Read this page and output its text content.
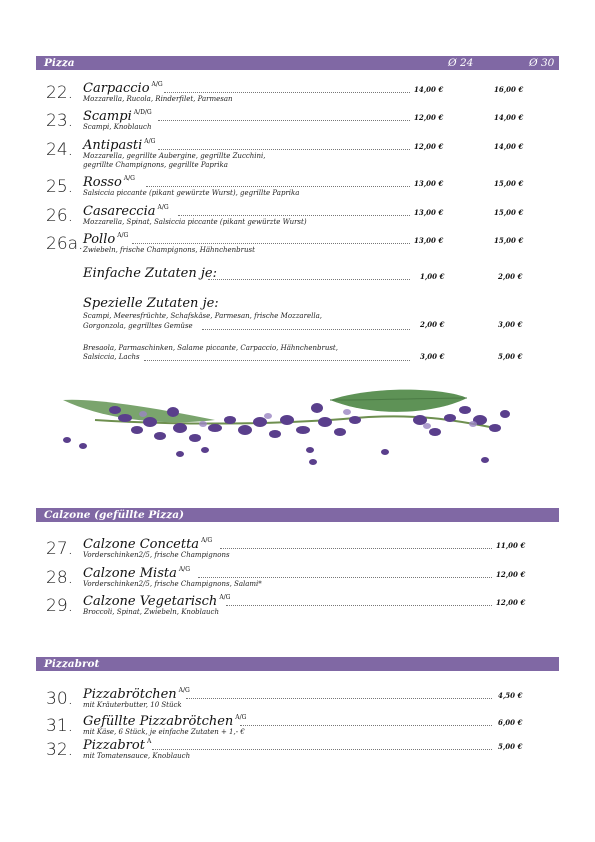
Pizza	Ø 24	Ø 30
22. Carpaccio $^{A/G}$
14,00 €	16,00 €
Mozzarella, Rucola, Rinderfilet, Parmesan
23. Scampi $^{A/D/G}$
12,00 €	14,00 €
Scampi, Knoblauch
24. Antipasti $^{A/G}$
12,00 €	14,00 €
Mozzarella, gegrillte Aubergine, gegrillte Zucchini,
gegrillte Champignons, gegrillte Paprika
25. Rosso $^{A/G}$
13,00 €	15,00 €
Salsiccia piccante (pikant gewürzte Wurst), gegrillte Paprika
26. Casareccia $^{A/G}$
13,00 €	15,00 €
Mozzarella, Spinat, Salsiccia piccante (pikant gewürzte Wurst)
26a. Pollo $^{A/G}$
13,00 €	15,00 €
Zwiebeln, frische Champignons, Hähnchenbrust
Einfache Zutaten je:	1,00 €	2,00 €
Spezielle Zutaten je:
Scampi, Meeresfrüchte, Schafskäse, Parmesan, frische Mozzarella,
Gorgonzola, gegrilltes Gemüse	2,00 €	3,00 €
Bresaola, Parmaschinken, Salame piccante, Carpaccio, Hähnchenbrust,
Salsiccia, Lachs	3,00 €	5,00 €
Calzone (gefüllte Pizza)
27. Calzone Concetta $^{A/G}$
11,00 €
Vorderschinken2/5, frische Champignons
28. Calzone Mista $^{A/G}$
12,00 €
Vorderschinken2/5, frische Champignons, Salami*
29. Calzone Vegetarisch $^{A/G}$
12,00 €
Broccoli, Spinat, Zwiebeln, Knoblauch
Pizzabrot
30. Pizzabrötchen $^{A/G}$
4,50 €
mit Kräuterbutter, 10 Stück
31. Gefüllte Pizzabrötchen $^{A/G}$
6,00 €
mit Käse, 6 Stück, je einfache Zutaten + 1,- €
32. Pizzabrot $^A$
5,00 €
mit Tomatensauce, Knoblauch
